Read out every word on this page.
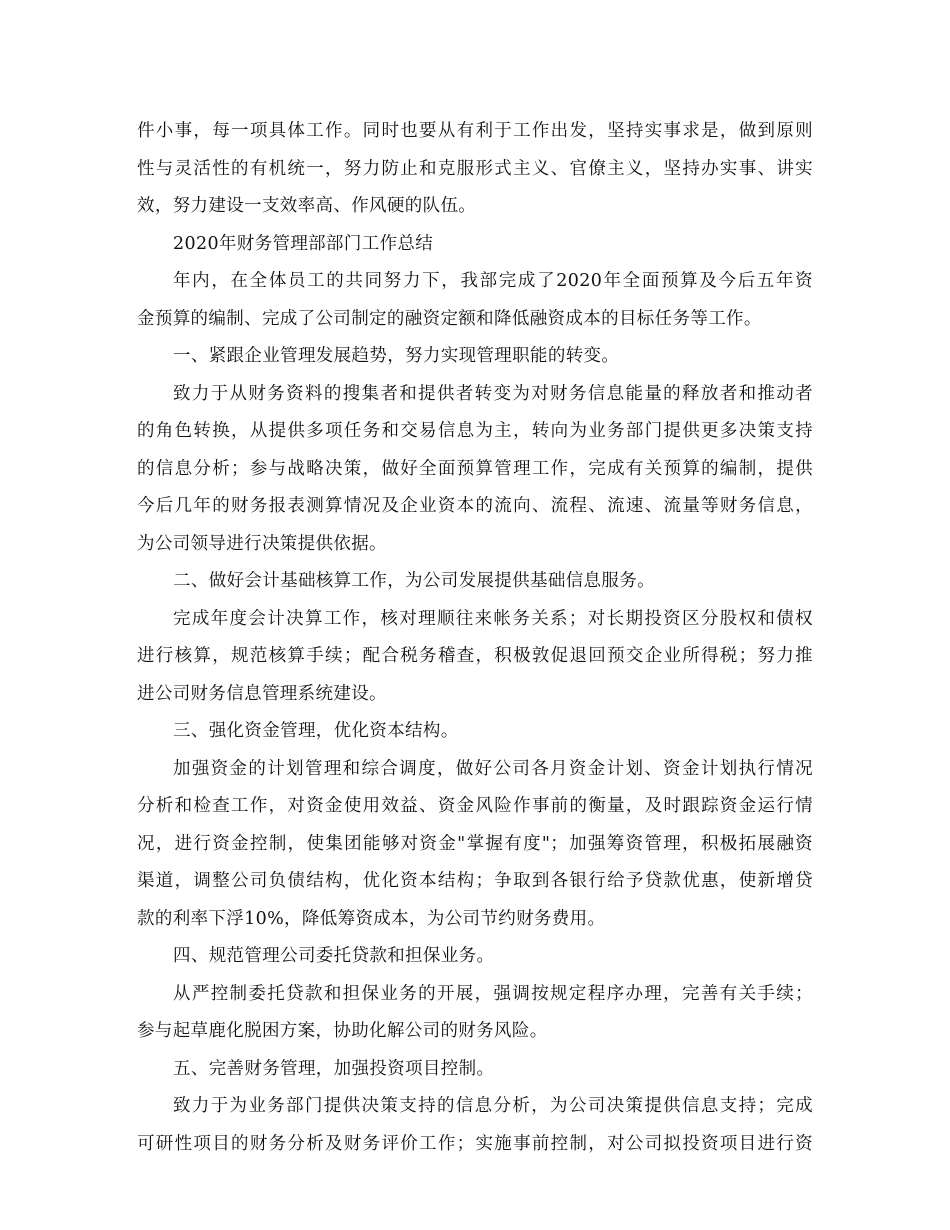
件小事，每一项具体工作。同时也要从有利于工作出发，坚持实事求是，做到原则
性与灵活性的有机统一，努力防止和克服形式主义、官僚主义，坚持办实事、讲实
效，努力建设一支效率高、作风硬的队伍。
2020年财务管理部部门工作总结
年内，在全体员工的共同努力下，我部完成了2020年全面预算及今后五年资
金预算的编制、完成了公司制定的融资定额和降低融资成本的目标任务等工作。
一、紧跟企业管理发展趋势，努力实现管理职能的转变。
致力于从财务资料的搜集者和提供者转变为对财务信息能量的释放者和推动者
的角色转换，从提供多项任务和交易信息为主，转向为业务部门提供更多决策支持
的信息分析；参与战略决策，做好全面预算管理工作，完成有关预算的编制，提供
今后几年的财务报表测算情况及企业资本的流向、流程、流速、流量等财务信息，
为公司领导进行决策提供依据。
二、做好会计基础核算工作，为公司发展提供基础信息服务。
完成年度会计决算工作，核对理顺往来帐务关系；对长期投资区分股权和债权
进行核算，规范核算手续；配合税务稽查，积极敦促退回预交企业所得税；努力推
进公司财务信息管理系统建设。
三、强化资金管理，优化资本结构。
加强资金的计划管理和综合调度，做好公司各月资金计划、资金计划执行情况
分析和检查工作，对资金使用效益、资金风险作事前的衡量，及时跟踪资金运行情
况，进行资金控制，使集团能够对资金"掌握有度"；加强筹资管理，积极拓展融资
渠道，调整公司负债结构，优化资本结构；争取到各银行给予贷款优惠，使新增贷
款的利率下浮10%，降低筹资成本，为公司节约财务费用。
四、规范管理公司委托贷款和担保业务。
从严控制委托贷款和担保业务的开展，强调按规定程序办理，完善有关手续；
参与起草鹿化脱困方案，协助化解公司的财务风险。
五、完善财务管理，加强投资项目控制。
致力于为业务部门提供决策支持的信息分析，为公司决策提供信息支持；完成
可研性项目的财务分析及财务评价工作；实施事前控制，对公司拟投资项目进行资
